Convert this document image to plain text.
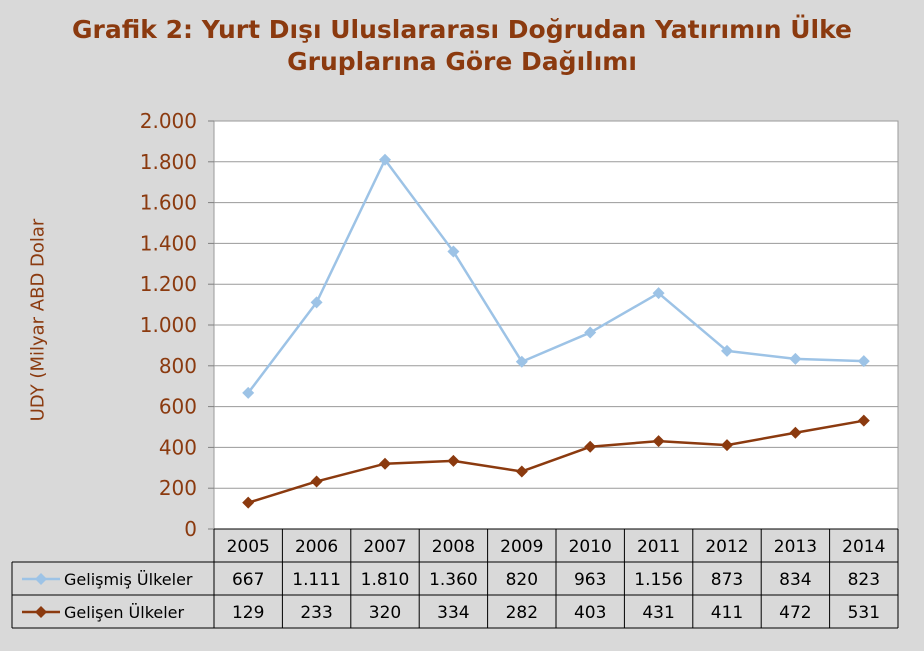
Grafik 2: Yurt Dışı Uluslararası Doğrudan Yatırımın Ülke
Gruplarına Göre Dağılımı
UDY (Milyar ABD Dolar
0
200
400
600
800
1.000
1.200
1.400
1.600
1.800
2.000
2005 2006 2007 2008 2009 2010 2011 2012 2013 2014
Gelişmiş Ülkeler 667 1.111 1.810 1.360 820 963 1.156 873 834 823
Gelişen Ülkeler	129 233 320 334 282 403 431 411 472 531
